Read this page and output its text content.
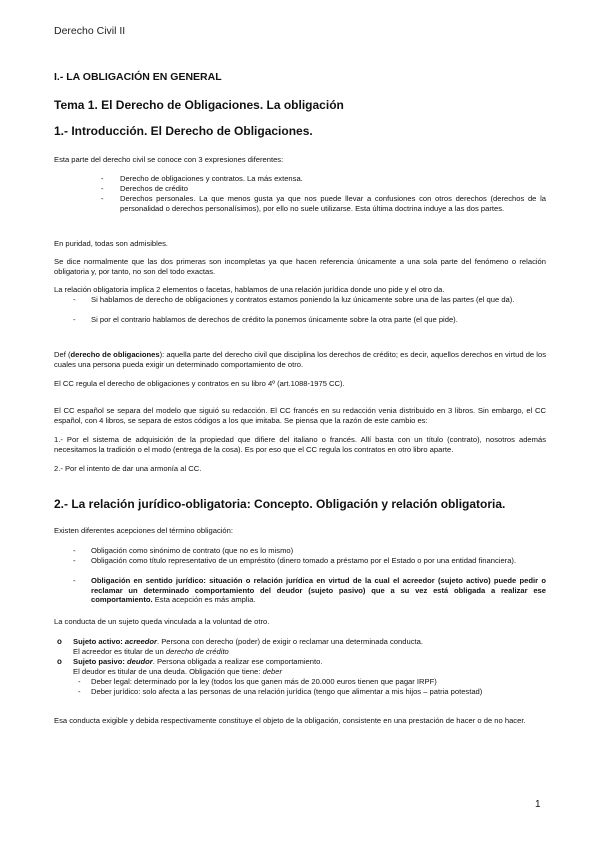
Derecho Civil II
I.- LA OBLIGACIÓN EN GENERAL
Tema 1. El Derecho de Obligaciones. La obligación
1.- Introducción. El Derecho de Obligaciones.
Esta parte del derecho civil se conoce con 3 expresiones diferentes:
- Derecho de obligaciones y contratos. La más extensa.
- Derechos de crédito
- Derechos personales. La que menos gusta ya que nos puede llevar a confusiones con otros derechos (derechos de la personalidad o derechos personalísimos), por ello no suele utilizarse. Esta última doctrina induye a las dos partes.
En puridad, todas son admisibles.
Se dice normalmente que las dos primeras son incompletas ya que hacen referencia únicamente a una sola parte del fenómeno o relación obligatoria y, por tanto, no son del todo exactas.
La relación obligatoria implica 2 elementos o facetas, hablamos de una relación jurídica donde uno pide y el otro da.
- Si hablamos de derecho de obligaciones y contratos estamos poniendo la luz únicamente sobre una de las partes (el que da).
- Si por el contrario hablamos de derechos de crédito la ponemos únicamente sobre la otra parte (el que pide).
Def (derecho de obligaciones): aquella parte del derecho civil que disciplina los derechos de crédito; es decir, aquellos derechos en virtud de los cuales una persona pueda exigir un determinado comportamiento de otro.
El CC regula el derecho de obligaciones y contratos en su libro 4º (art.1088-1975 CC).
El CC español se separa del modelo que siguió su redacción. El CC francés en su redacción venia distribuido en 3 libros. Sin embargo, el CC español, con 4 libros, se separa de estos códigos a los que imitaba. Se piensa que la razón de este cambio es:
1.- Por el sistema de adquisición de la propiedad que difiere del italiano o francés. Allí basta con un título (contrato), nosotros además necesitamos la tradición o el modo (entrega de la cosa). Es por eso que el CC regula los contratos en otro libro aparte.
2.- Por el intento de dar una armonía al CC.
2.- La relación jurídico-obligatoria: Concepto. Obligación y relación obligatoria.
Existen diferentes acepciones del término obligación:
- Obligación como sinónimo de contrato (que no es lo mismo)
- Obligación como título representativo de un empréstito (dinero tomado a préstamo por el Estado o por una entidad financiera).
- Obligación en sentido jurídico: situación o relación jurídica en virtud de la cual el acreedor (sujeto activo) puede pedir o reclamar un determinado comportamiento del deudor (sujeto pasivo) que a su vez está obligada a realizar ese comportamiento. Esta acepción es más amplia.
La conducta de un sujeto queda vinculada a la voluntad de otro.
o Sujeto activo: acreedor. Persona con derecho (poder) de exigir o reclamar una determinada conducta.
El acreedor es titular de un derecho de crédito
o Sujeto pasivo: deudor. Persona obligada a realizar ese comportamiento.
El deudor es titular de una deuda. Obligación que tiene: deber
- Deber legal: determinado por la ley (todos los que ganen más de 20.000 euros tienen que pagar IRPF)
- Deber jurídico: solo afecta a las personas de una relación jurídica (tengo que alimentar a mis hijos – patria potestad)
Esa conducta exigible y debida respectivamente constituye el objeto de la obligación, consistente en una prestación de hacer o de no hacer.
1
